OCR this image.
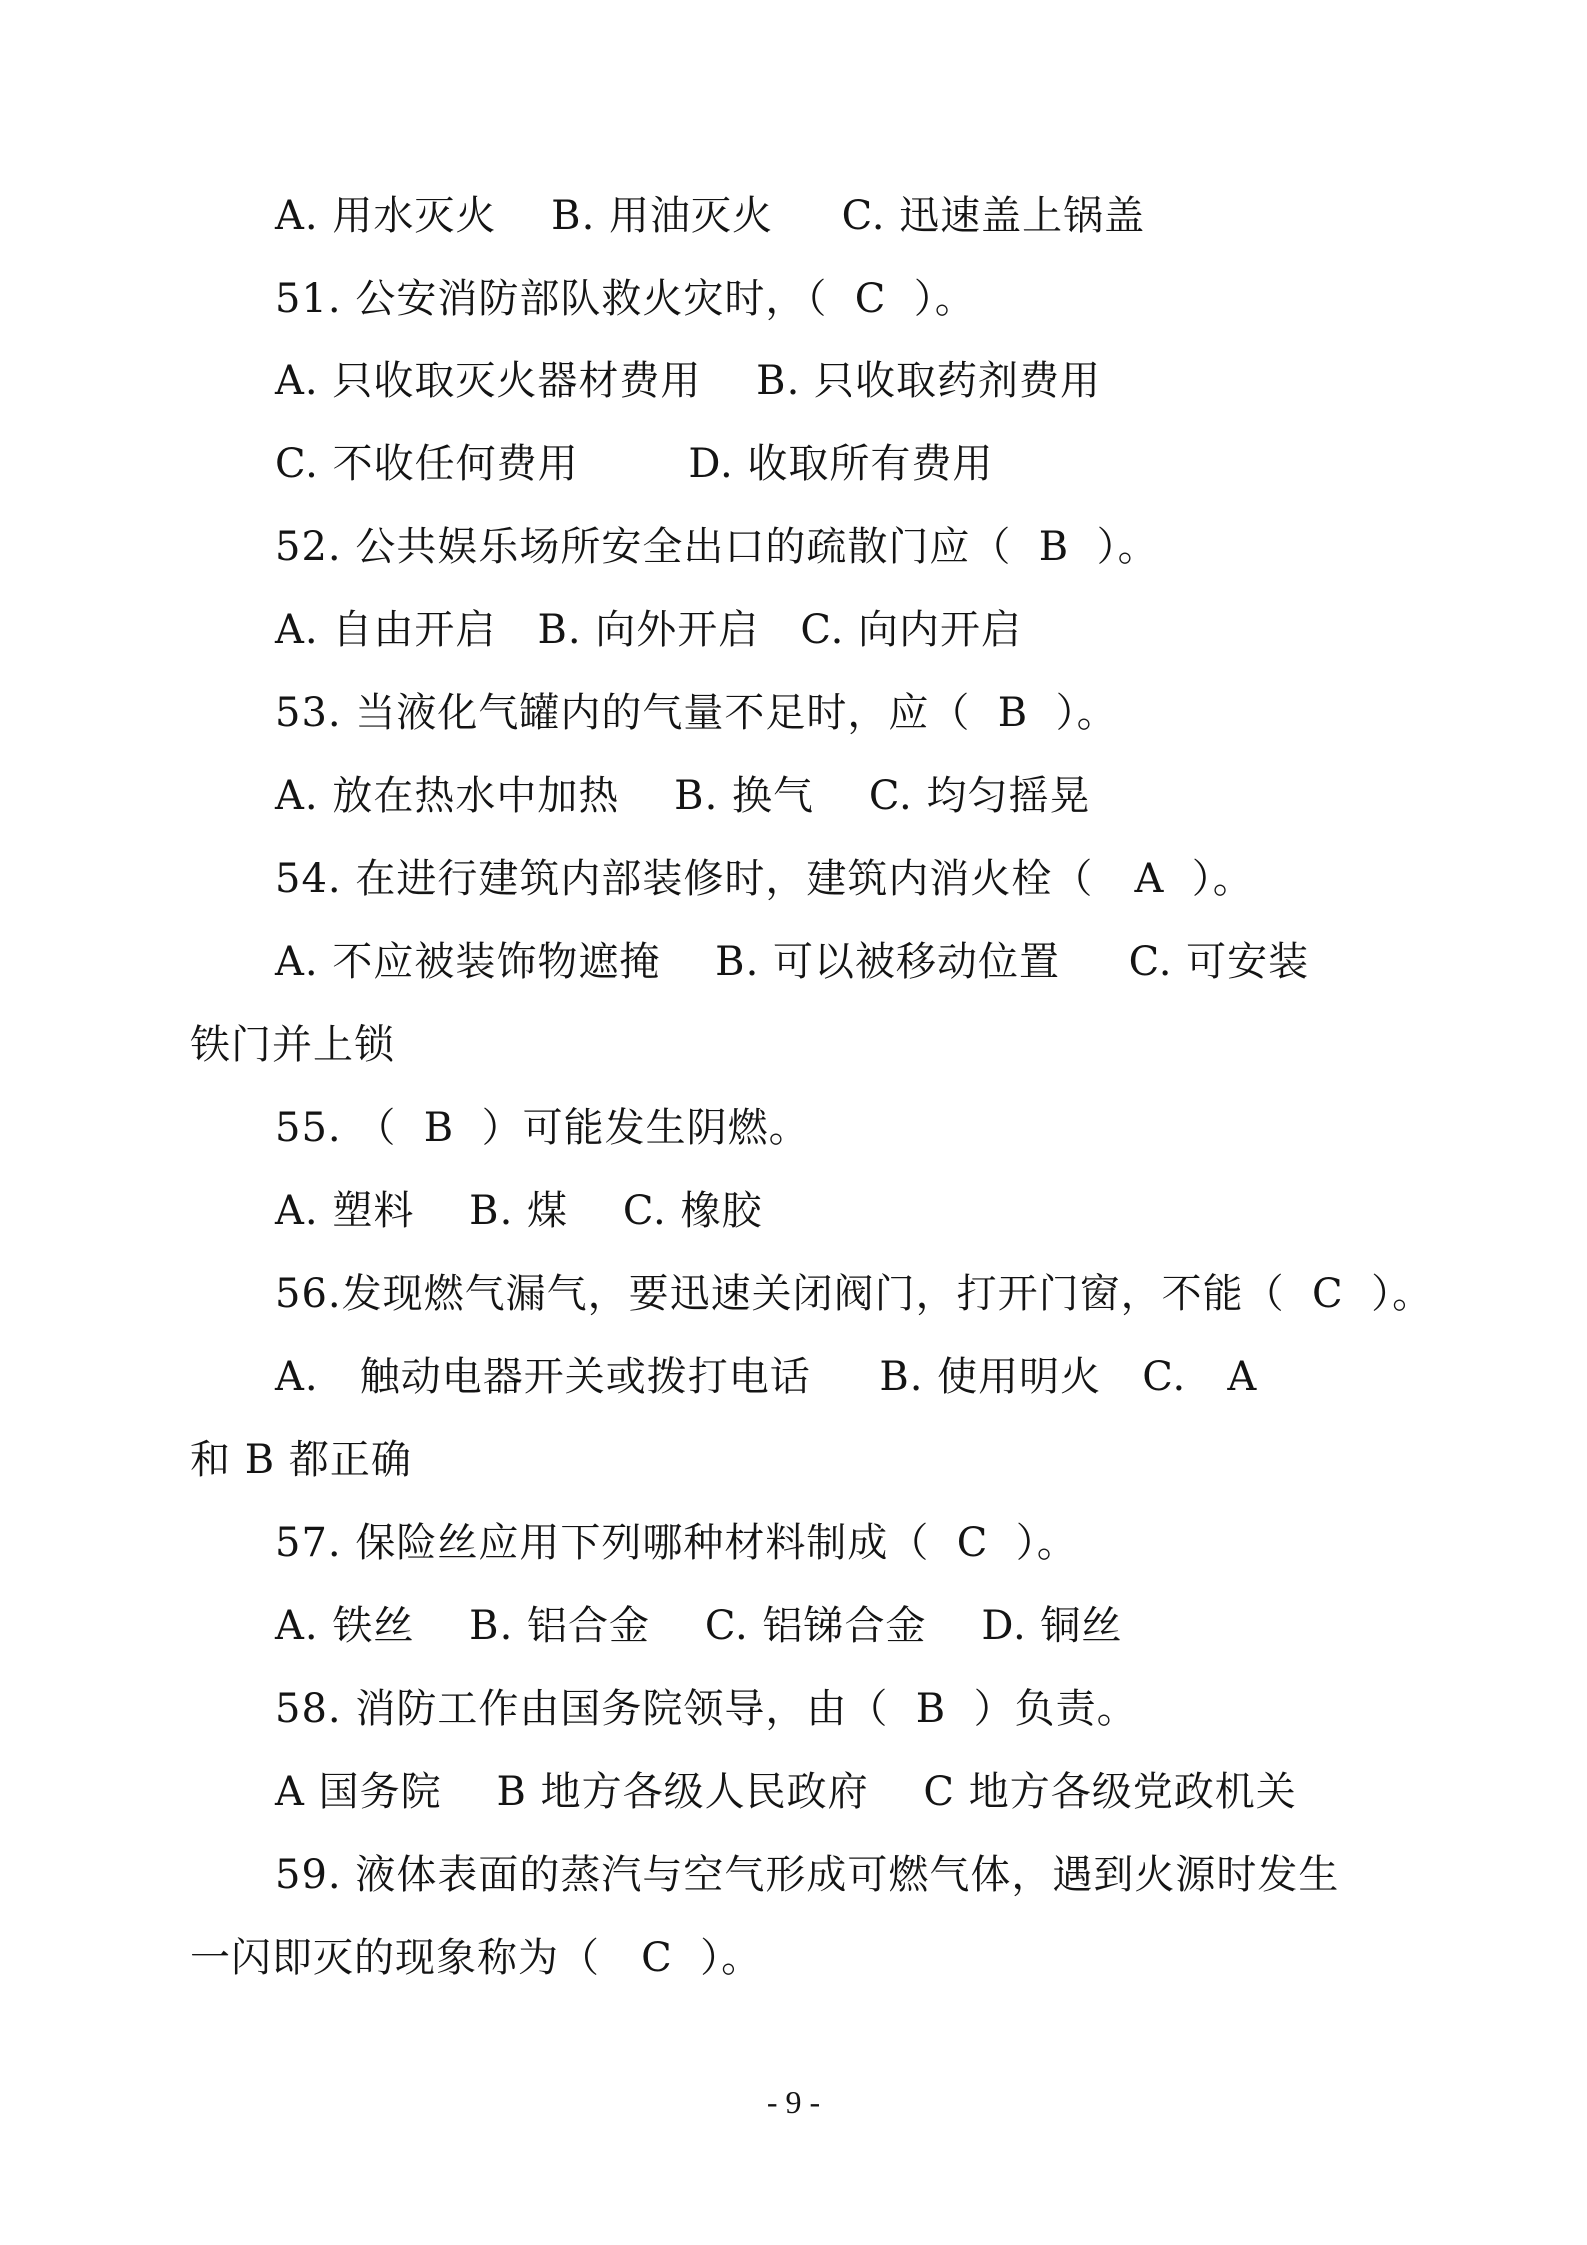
A. 用水灭火    B. 用油灭火     C. 迅速盖上锅盖
51. 公安消防部队救火灾时，（  C  ）。
A. 只收取灭火器材费用    B. 只收取药剂费用
C. 不收任何费用        D. 收取所有费用
52. 公共娱乐场所安全出口的疏散门应（  B  ）。
A. 自由开启   B. 向外开启   C. 向内开启
53. 当液化气罐内的气量不足时，应（  B  ）。
A. 放在热水中加热    B. 换气    C. 均匀摇晃
54. 在进行建筑内部装修时，建筑内消火栓（   A  ）。
A. 不应被装饰物遮掩    B. 可以被移动位置     C. 可安装
铁门并上锁
55. （  B  ）可能发生阴燃。
A. 塑料    B. 煤    C. 橡胶
56.发现燃气漏气，要迅速关闭阀门，打开门窗，不能（  C  ）。
A.   触动电器开关或拨打电话     B. 使用明火   C.   A
和 B 都正确
57. 保险丝应用下列哪种材料制成（  C  ）。
A. 铁丝    B. 铝合金    C. 铝锑合金    D. 铜丝
58. 消防工作由国务院领导，由（  B  ）负责。
A 国务院    B 地方各级人民政府    C 地方各级党政机关
59. 液体表面的蒸汽与空气形成可燃气体，遇到火源时发生
一闪即灭的现象称为（   C  ）。
- 9 -
